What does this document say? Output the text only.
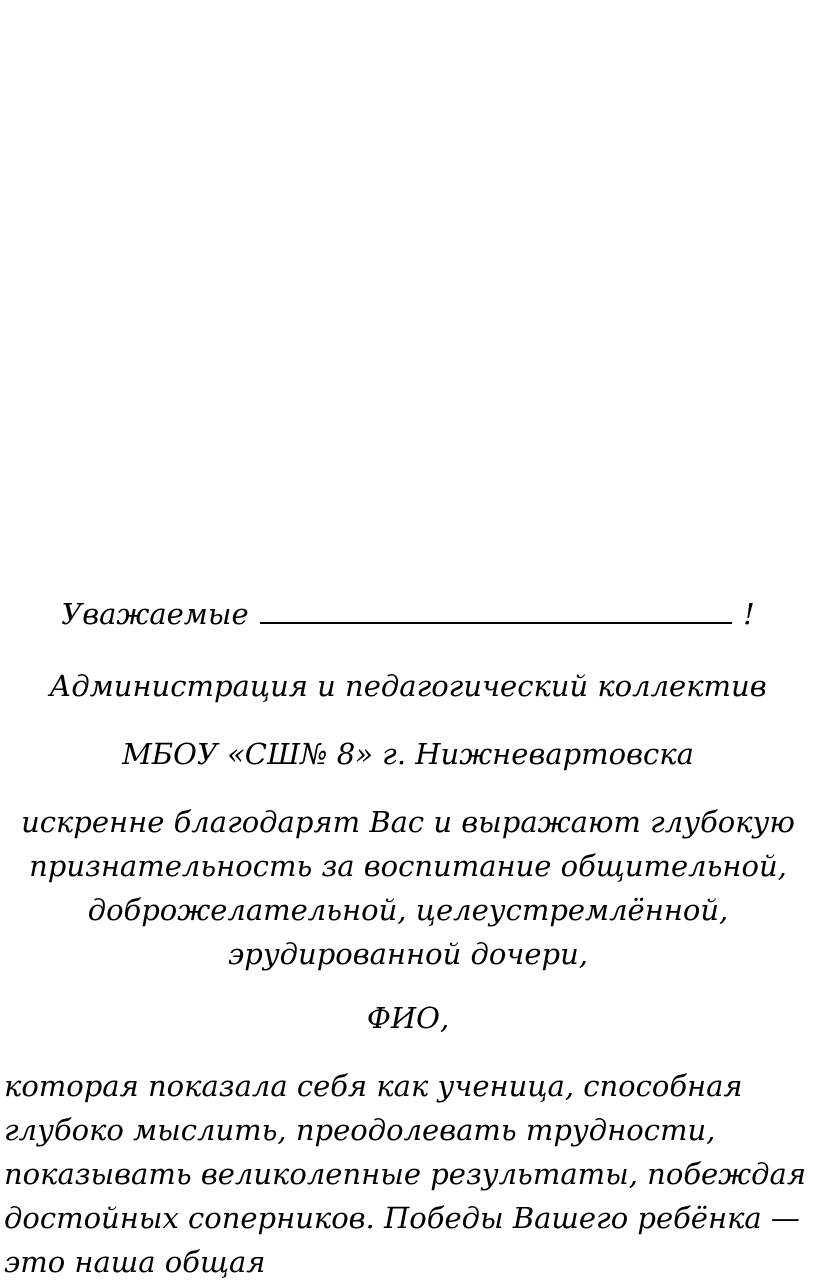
Уважаемые	!
Администрация и педагогический коллектив
МБОУ «СШ№ 8» г. Нижневартовска
искренне благодарят Вас и выражают глубокую признательность за воспитание общительной, доброжелательной, целеустремлённой, эрудированной дочери,
ФИО,
которая показала себя как ученица, способная глубоко мыслить, преодолевать трудности, показывать великолепные результаты, побеждая достойных соперников. Победы Вашего ребёнка — это наша общая
